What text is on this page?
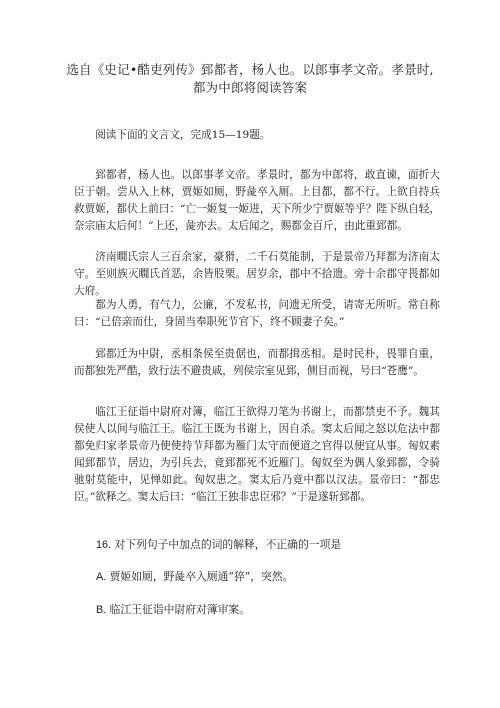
选自《史记•酷吏列传》郅都者，杨人也。以郎事孝文帝。孝景时,
都为中郎将阅读答案

阅读下面的文言文，完成15—19题。

郅都者，杨人也。以郎事孝文帝。孝景时，都为中郎将，敢直谏，面折大臣于朝。尝从入上林，贾姬如厕，野彘卒入厕。上目都，都不行。上欲自持兵救贾姬，都伏上前曰：“亡一姬复一姬进，天下所少宁贾姬等乎？陛下纵自轻，奈宗庙太后何！”上还，彘亦去。太后闻之，赐都金百斤，由此重郅都。

济南瞯氏宗人三百余家，豪猾，二千石莫能制，于是景帝乃拜都为济南太守。至则族灭瞯氏首恶，余皆股栗。居岁余，郡中不拾遗。旁十余郡守畏都如大府。

都为人勇，有气力，公廉，不发私书，问遗无所受，请寄无所听。常自称曰：“已倍亲而仕，身固当奉职死节官下，终不顾妻子矣。”

郅都迁为中尉，丞相条侯至贵倨也，而都揖丞相。是时民朴，畏罪自重，而都独先严酷，致行法不避贵戚，列侯宗室见郅，侧目而视，号曰“苍鹰”。

临江王征诣中尉府对簿，临江王欲得刀笔为书谢上，而都禁吏不予。魏其侯使人以间与临江王。临江王既为书谢上，因自杀。窦太后闻之怒以危法中都都免归家孝景帝乃使使持节拜都为雁门太守而便道之官得以便宜从事。匈奴素闻郅都节，居边，为引兵去，竟郅都死不近雁门。匈奴至为偶人象郅都，令骑驰射莫能中，见惮如此。匈奴患之。窦太后乃竟中都以汉法。景帝曰：“都忠臣。”欲释之。窦太后曰：“临江王独非忠臣邪？”于是遂斩郅都。

16. 对下列句子中加点的词的解释，不正确的一项是

A. 贾姬如厕，野彘卒入厕通“猝”，突然。

B. 临江王征诣中尉府对簿审案。
